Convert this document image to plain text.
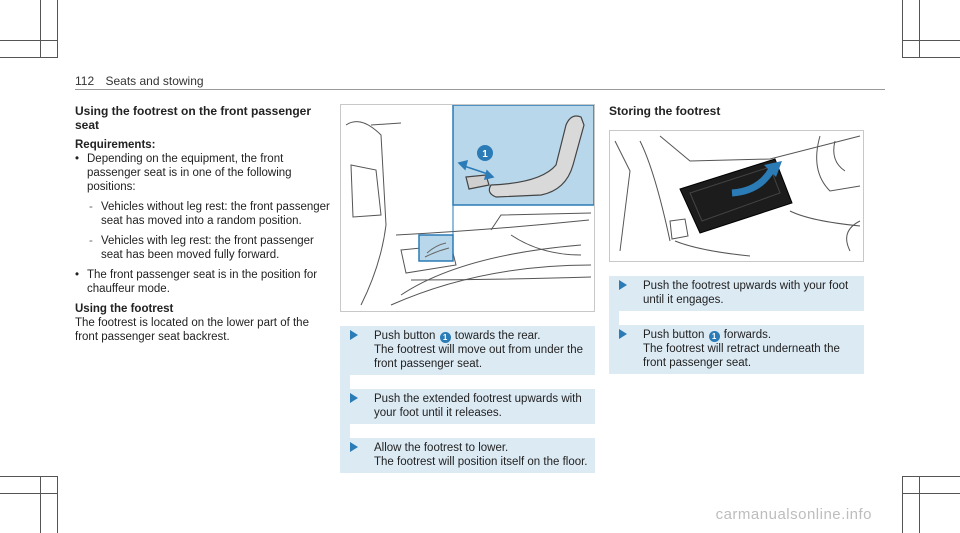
112 Seats and stowing
Using the footrest on the front passenger seat

Requirements:

• Depending on the equipment, the front passenger seat is in one of the following positions:

- Vehicles without leg rest: the front passenger seat has moved into a random position.

- Vehicles with leg rest: the front passenger seat has been moved fully forward.

• The front passenger seat is in the position for chauffeur mode.

Using the footrest

The footrest is located on the lower part of the front passenger seat backrest.

1

Push button 1 towards the rear.

The footrest will move out from under the front passenger seat.

Push the extended footrest upwards with your foot until it releases.

Allow the footrest to lower.

The footrest will position itself on the floor.

Storing the footrest

Push the footrest upwards with your foot until it engages.

Push button 1 forwards.

The footrest will retract underneath the front passenger seat.

carmanualsonline.info
